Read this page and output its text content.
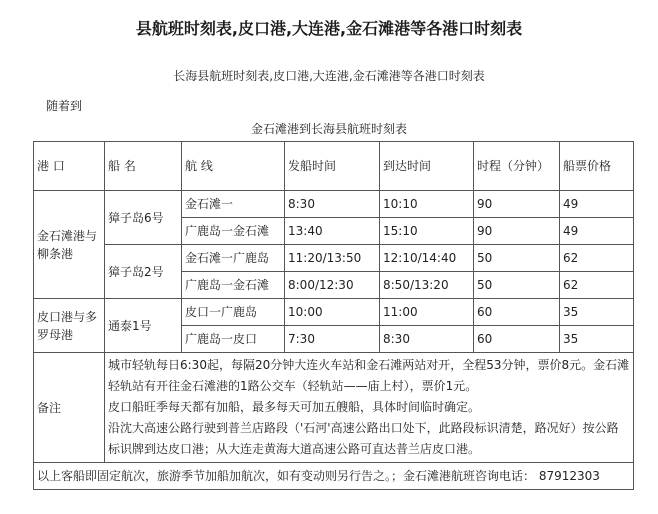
县航班时刻表,皮口港,大连港,金石滩港等各港口时刻表
长海县航班时刻表,皮口港,大连港,金石滩港等各港口时刻表
随着到
金石滩港到长海县航班时刻表
港 口	船 名	航 线	发船时间	到达时间	时程（分钟）	船票价格
金石滩港与柳条港	獐子岛6号	金石滩一	8:30	10:10	90	49
		广鹿岛一金石滩	13:40	15:10	90	49
	獐子岛2号	金石滩一广鹿岛	11:20/13:50	12:10/14:40	50	62
		广鹿岛一金石滩	8:00/12:30	8:50/13:20	50	62
皮口港与多罗母港	通泰1号	皮口一广鹿岛	10:00	11:00	60	35
		广鹿岛一皮口	7:30	8:30	60	35
备注	城市轻轨每日6:30起，每隔20分钟大连火车站和金石滩两站对开，全程53分钟，票价8元。金石滩轻轨站有开往金石滩港的1路公交车（轻轨站——庙上村），票价1元。

皮口船旺季每天都有加船，最多每天可加五艘船，具体时间临时确定。

沿沈大高速公路行驶到普兰店路段（'石河'高速公路出口处下，此路段标识清楚，路况好）按公路标识牌到达皮口港；从大连走黄海大道高速公路可直达普兰店皮口港。					

以上客船即固定航次，旅游季节加船加航次，如有变动则另行告之。；金石滩港航班咨询电话： 87912303						
